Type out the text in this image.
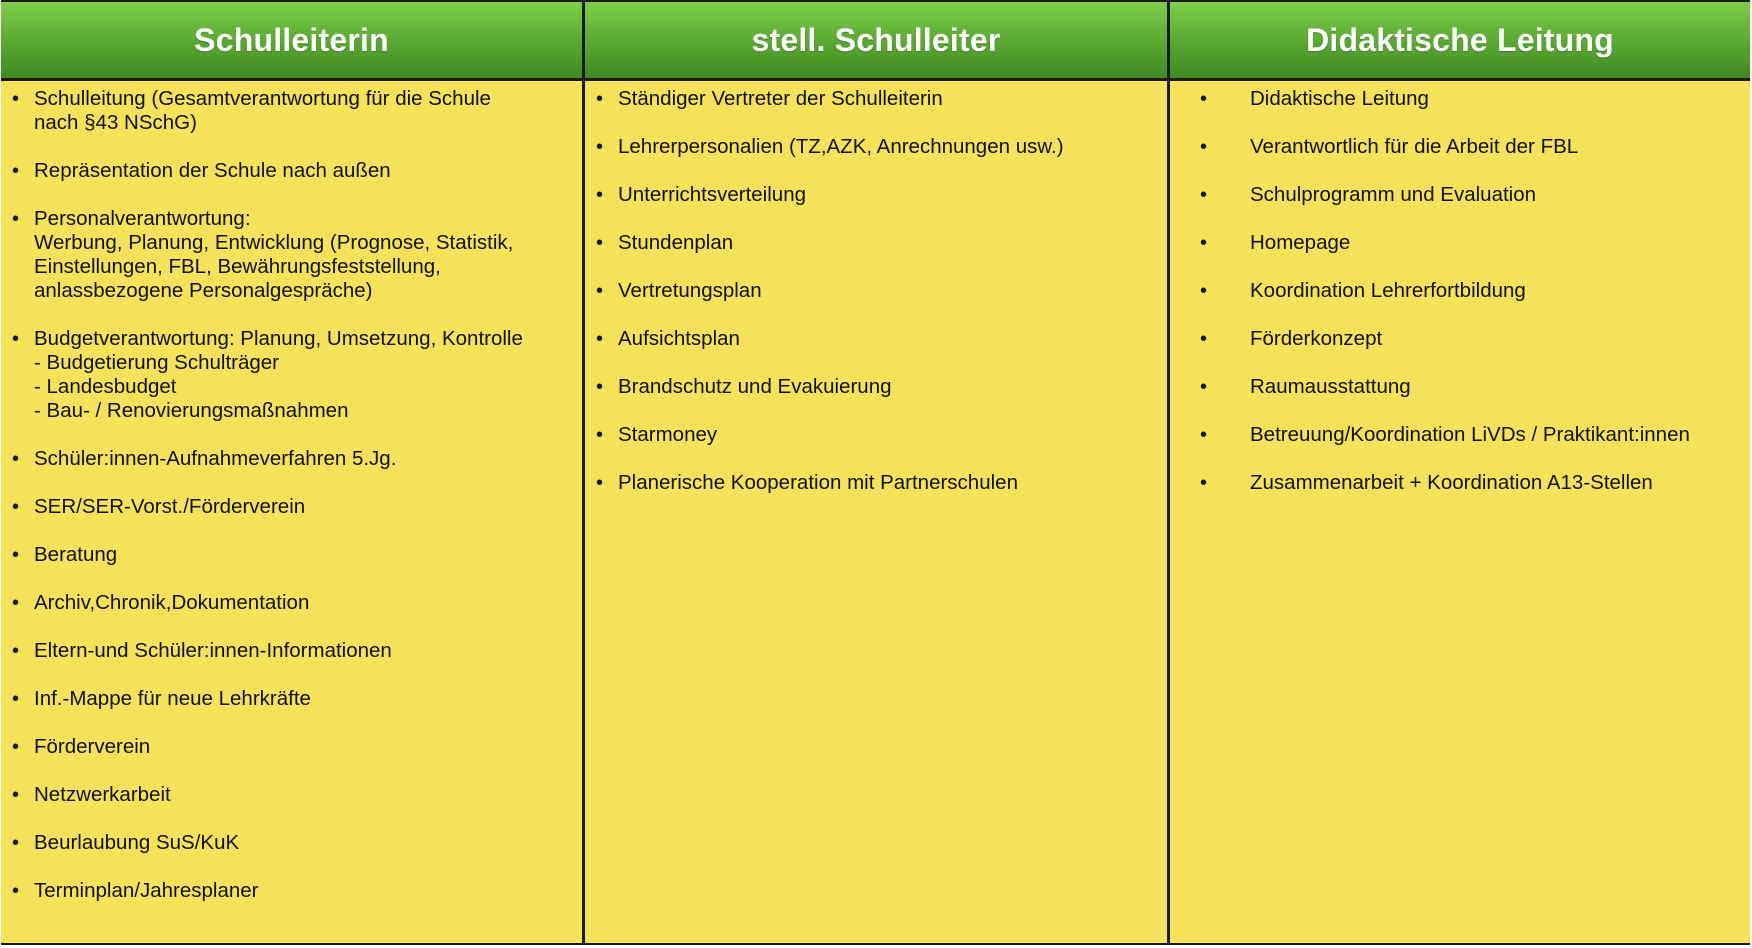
Schulleiterin
• Schulleitung (Gesamtverantwortung für die Schule
nach §43 NSchG)
• Repräsentation der Schule nach außen
• Personalverantwortung:
Werbung, Planung, Entwicklung (Prognose, Statistik,
Einstellungen, FBL, Bewährungsfeststellung,
anlassbezogene Personalgespräche)
• Budgetverantwortung: Planung, Umsetzung, Kontrolle
- Budgetierung Schulträger
- Landesbudget
- Bau- / Renovierungsmaßnahmen
• Schüler:innen-Aufnahmeverfahren 5.Jg.
• SER/SER-Vorst./Förderverein
• Beratung
• Archiv,Chronik,Dokumentation
• Eltern-und Schüler:innen-Informationen
• Inf.-Mappe für neue Lehrkräfte
• Förderverein
• Netzwerkarbeit
• Beurlaubung SuS/KuK
• Terminplan/Jahresplaner
stell. Schulleiter
• Ständiger Vertreter der Schulleiterin
• Lehrerpersonalien (TZ,AZK, Anrechnungen usw.)
• Unterrichtsverteilung
• Stundenplan
• Vertretungsplan
• Aufsichtsplan
• Brandschutz und Evakuierung
• Starmoney
• Planerische Kooperation mit Partnerschulen
Didaktische Leitung
• Didaktische Leitung
• Verantwortlich für die Arbeit der FBL
• Schulprogramm und Evaluation
• Homepage
• Koordination Lehrerfortbildung
• Förderkonzept
• Raumausstattung
• Betreuung/Koordination LiVDs / Praktikant:innen
• Zusammenarbeit + Koordination A13-Stellen
